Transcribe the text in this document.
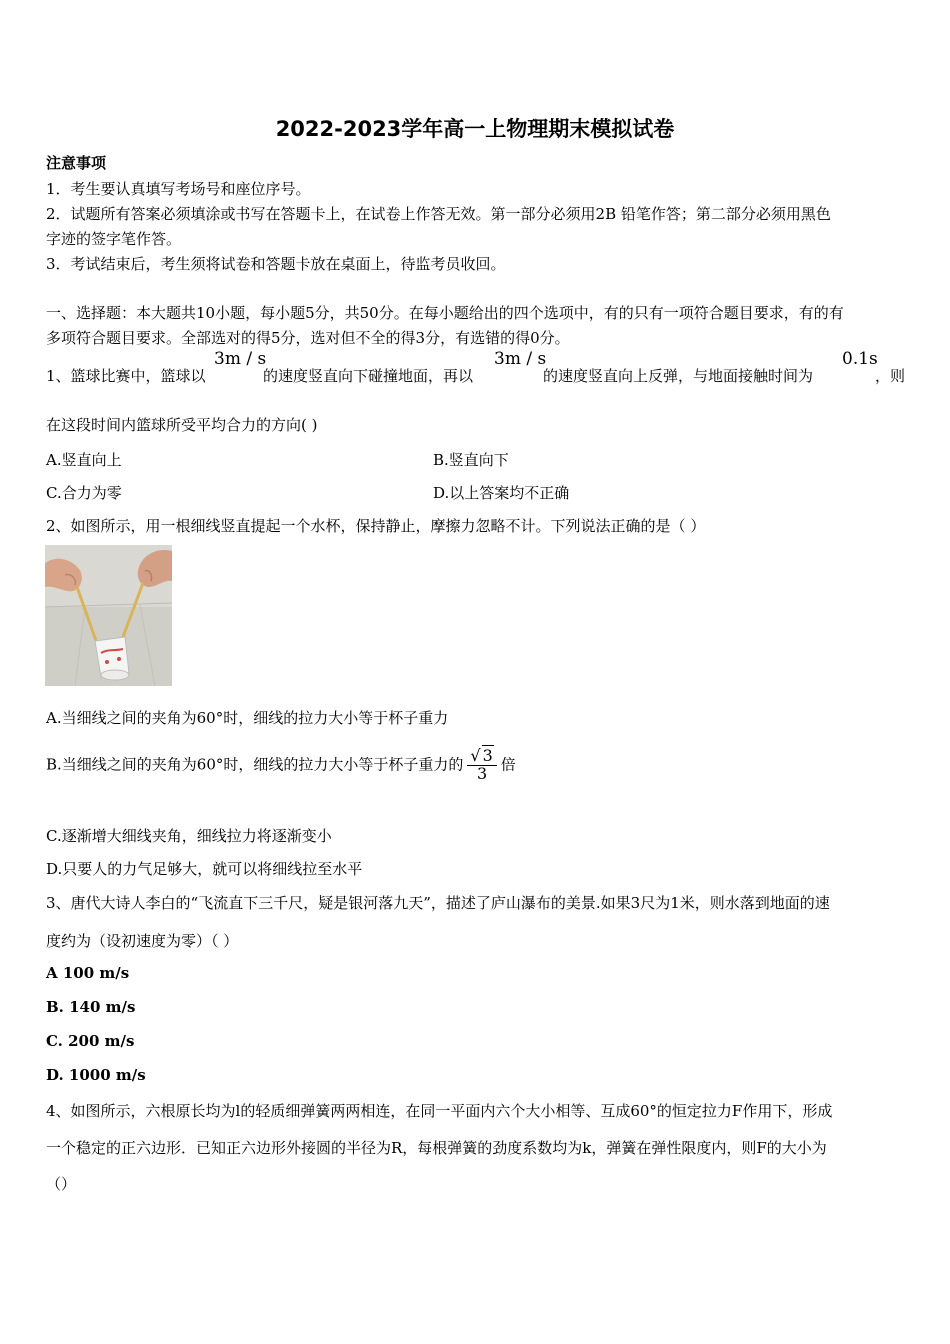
2022-2023学年高一上物理期末模拟试卷
注意事项
1．考生要认真填写考场号和座位序号。
2．试题所有答案必须填涂或书写在答题卡上，在试卷上作答无效。第一部分必须用2B 铅笔作答；第二部分必须用黑色
字迹的签字笔作答。
3．考试结束后，考生须将试卷和答题卡放在桌面上，待监考员收回。
一、选择题：本大题共10小题，每小题5分，共50分。在每小题给出的四个选项中，有的只有一项符合题目要求，有的有
多项符合题目要求。全部选对的得5分，选对但不全的得3分，有选错的得0分。
1、篮球比赛中，篮球以
3m / s
的速度竖直向下碰撞地面，再以
3m / s
的速度竖直向上反弹，与地面接触时间为
0.1s
，则
在这段时间内篮球所受平均合力的方向( )
A.竖直向上	B.竖直向下
C.合力为零	D.以上答案均不正确
2、如图所示，用一根细线竖直提起一个水杯，保持静止，摩擦力忽略不计。下列说法正确的是（ ）
A.当细线之间的夹角为60°时，细线的拉力大小等于杯子重力
B.当细线之间的夹角为60°时，细线的拉力大小等于杯子重力的 $\frac{√ 3}{3}$ 倍
C.逐渐增大细线夹角，细线拉力将逐渐变小
D.只要人的力气足够大，就可以将细线拉至水平
3、唐代大诗人李白的“飞流直下三千尺，疑是银河落九天”，描述了庐山瀑布的美景.如果3尺为1米，则水落到地面的速
度约为（设初速度为零）（ ）
A 100 m/s
B. 140 m/s
C. 200 m/s
D. 1000 m/s
4、如图所示，六根原长均为l的轻质细弹簧两两相连，在同一平面内六个大小相等、互成60°的恒定拉力F作用下，形成
一个稳定的正六边形．已知正六边形外接圆的半径为R，每根弹簧的劲度系数均为k，弹簧在弹性限度内，则F的大小为
（）
